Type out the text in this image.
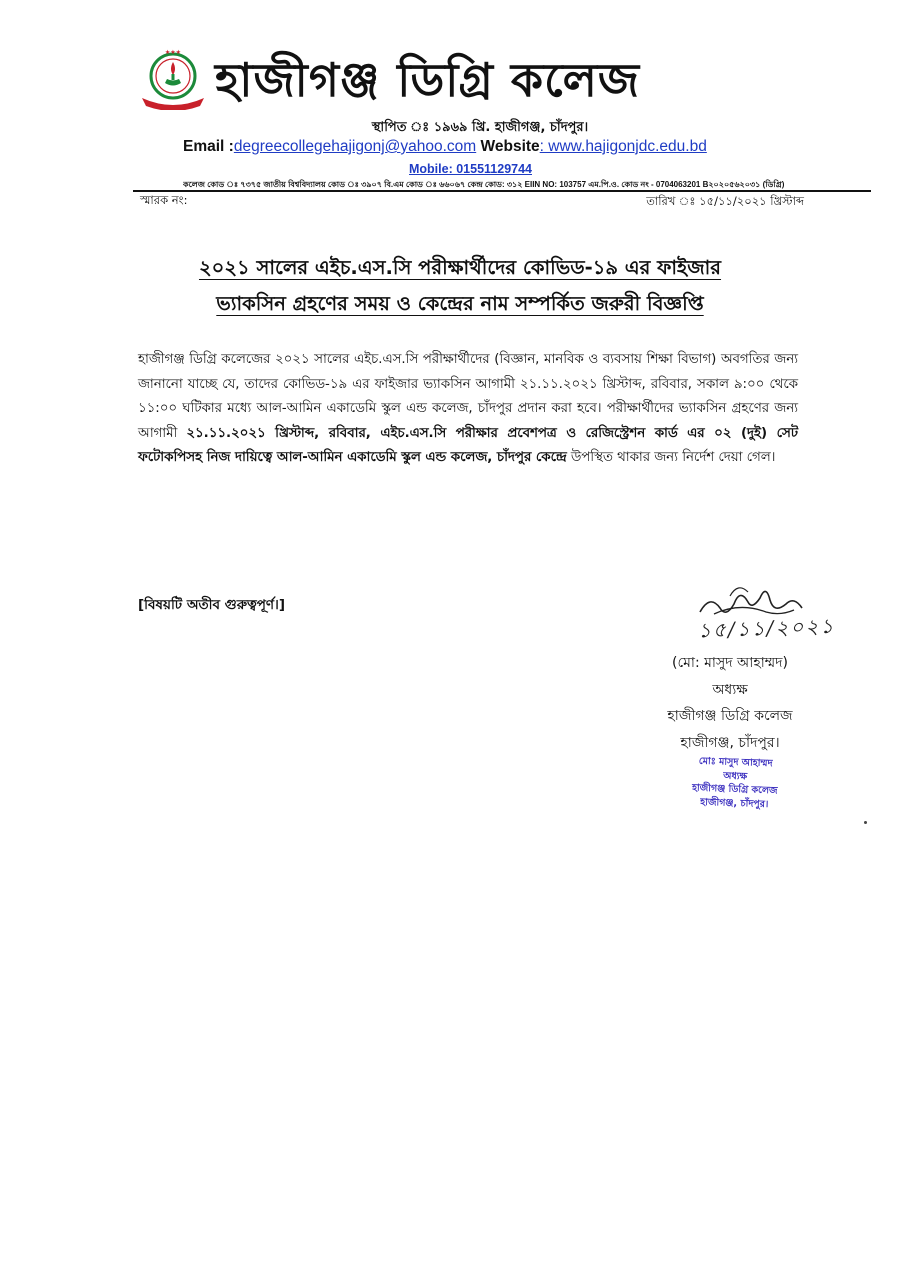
★★★
হাজীগঞ্জ ডিগ্রি কলেজ
স্থাপিত ঃ ১৯৬৯ খ্রি. হাজীগঞ্জ, চাঁদপুর।
Email :degreecollegehajigonj@yahoo.com Website: www.hajigonjdc.edu.bd
Mobile: 01551129744
কলেজ কোড ঃ ৭৩৭৫ জাতীয় বিশ্ববিদ্যালয় কোড ঃ ৩৯০৭ বি.এম কোড ঃ ৬৬০৬৭ কেন্দ্র কোড: ৩১২ EIIN NO: 103757 এম.পি.ও. কোড নং - 0704063201 B২০২০৫৬২০৩১ (ডিগ্রি)
স্মারক নং:	তারিখ ঃ ১৫/১১/২০২১ খ্রিস্টাব্দ
২০২১ সালের এইচ.এস.সি পরীক্ষার্থীদের কোভিড-১৯ এর ফাইজার
ভ্যাকসিন গ্রহণের সময় ও কেন্দ্রের নাম সম্পর্কিত জরুরী বিজ্ঞপ্তি
হাজীগঞ্জ ডিগ্রি কলেজের ২০২১ সালের এইচ.এস.সি পরীক্ষার্থীদের (বিজ্ঞান, মানবিক ও ব্যবসায় শিক্ষা বিভাগ) অবগতির জন্য জানানো যাচ্ছে যে, তাদের কোভিড-১৯ এর ফাইজার ভ্যাকসিন আগামী ২১.১১.২০২১ খ্রিস্টাব্দ, রবিবার, সকাল ৯:০০ থেকে ১১:০০ ঘটিকার মধ্যে আল-আমিন একাডেমি স্কুল এন্ড কলেজ, চাঁদপুর প্রদান করা হবে। পরীক্ষার্থীদের ভ্যাকসিন গ্রহণের জন্য আগামী ২১.১১.২০২১ খ্রিস্টাব্দ, রবিবার, এইচ.এস.সি পরীক্ষার প্রবেশপত্র ও রেজিস্ট্রেশন কার্ড এর ০২ (দুই) সেট ফটোকপিসহ নিজ দায়িত্বে আল-আমিন একাডেমি স্কুল এন্ড কলেজ, চাঁদপুর কেন্দ্রে উপস্থিত থাকার জন্য নির্দেশ দেয়া গেল।
[বিষয়টি অতীব গুরুত্বপূর্ণ।]
১৫/১১/২০২১
(মো: মাসুদ আহাম্মদ)
অধ্যক্ষ
হাজীগঞ্জ ডিগ্রি কলেজ
হাজীগঞ্জ, চাঁদপুর।
মোঃ মাসুদ আহাম্মদ
অধ্যক্ষ
হাজীগঞ্জ ডিগ্রি কলেজ
হাজীগঞ্জ, চাঁদপুর।
